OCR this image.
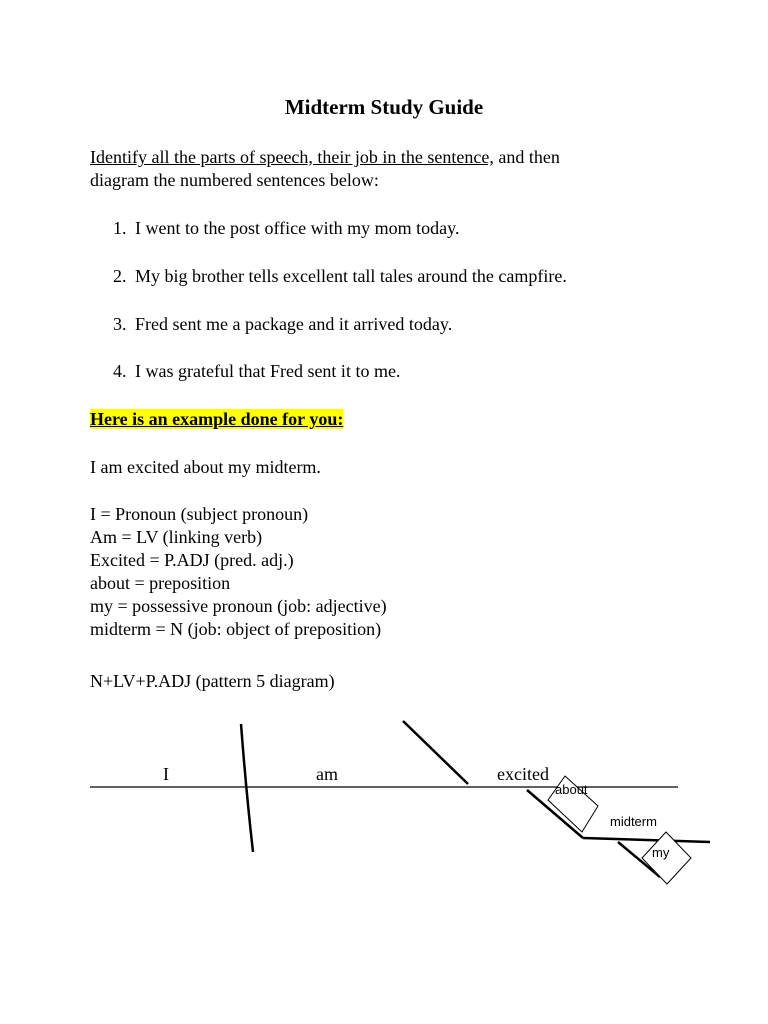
Midterm Study Guide
Identify all the parts of speech, their job in the sentence, and then
diagram the numbered sentences below:
1. I went to the post office with my mom today.
2. My big brother tells excellent tall tales around the campfire.
3. Fred sent me a package and it arrived today.
4. I was grateful that Fred sent it to me.
Here is an example done for you:
I am excited about my midterm.
I = Pronoun (subject pronoun)
Am = LV (linking verb)
Excited = P.ADJ (pred. adj.)
about = preposition
my = possessive pronoun (job: adjective)
midterm = N (job: object of preposition)
N+LV+P.ADJ (pattern 5 diagram)
I	am	excited
about
midterm
my
